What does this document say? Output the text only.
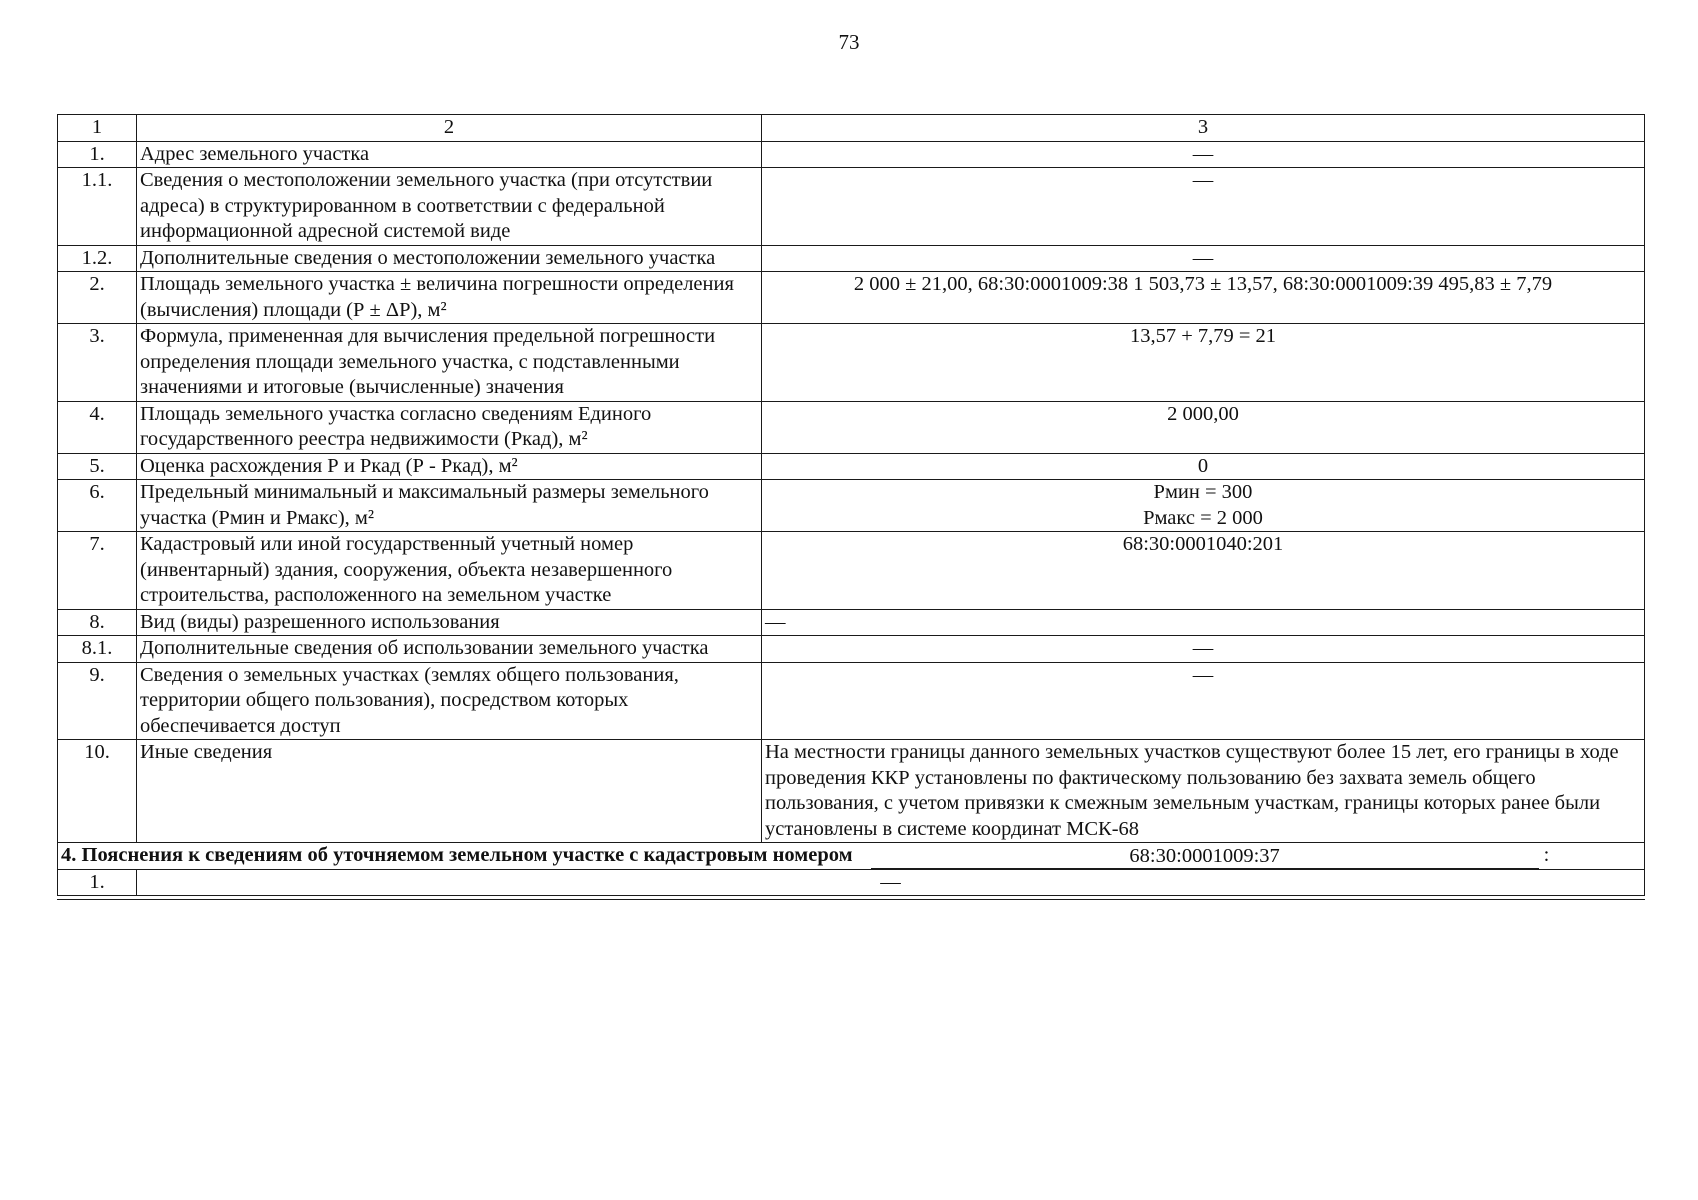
73
1	2	3
1.	Адрес земельного участка	—
1.1.	Сведения о местоположении земельного участка (при отсутствии адреса) в структурированном в соответствии с федеральной информационной адресной системой виде	—
1.2.	Дополнительные сведения о местоположении земельного участка	—
2.	Площадь земельного участка ± величина погрешности определения (вычисления) площади (Р ± ΔР), м²	2 000 ± 21,00, 68:30:0001009:38 1 503,73 ± 13,57, 68:30:0001009:39 495,83 ± 7,79
3.	Формула, примененная для вычисления предельной погрешности определения площади земельного участка, с подставленными значениями и итоговые (вычисленные) значения	13,57 + 7,79 = 21
4.	Площадь земельного участка согласно сведениям Единого государственного реестра недвижимости (Ркад), м²	2 000,00
5.	Оценка расхождения Р и Ркад (Р - Ркад), м²	0
6.	Предельный минимальный и максимальный размеры земельного участка (Рмин и Рмакс), м²	Рмин = 300
Рмакс = 2 000

7.	Кадастровый или иной государственный учетный номер (инвентарный) здания, сооружения, объекта незавершенного строительства, расположенного на земельном участке	68:30:0001040:201
8.	Вид (виды) разрешенного использования	—
8.1.	Дополнительные сведения об использовании земельного участка	—
9.	Сведения о земельных участках (землях общего пользования, территории общего пользования), посредством которых обеспечивается доступ	—
10.	Иные сведения	На местности границы данного земельных участков существуют более 15 лет, его границы в ходе проведения ККР установлены по фактическому пользованию без захвата земель общего пользования, с учетом привязки к смежным земельным участкам, границы которых ранее были установлены в системе координат МСК-68

4. Пояснения к сведениям об уточняемом земельном участке с кадастровым номером 68:30:0001009:37 :		

1.	—	
